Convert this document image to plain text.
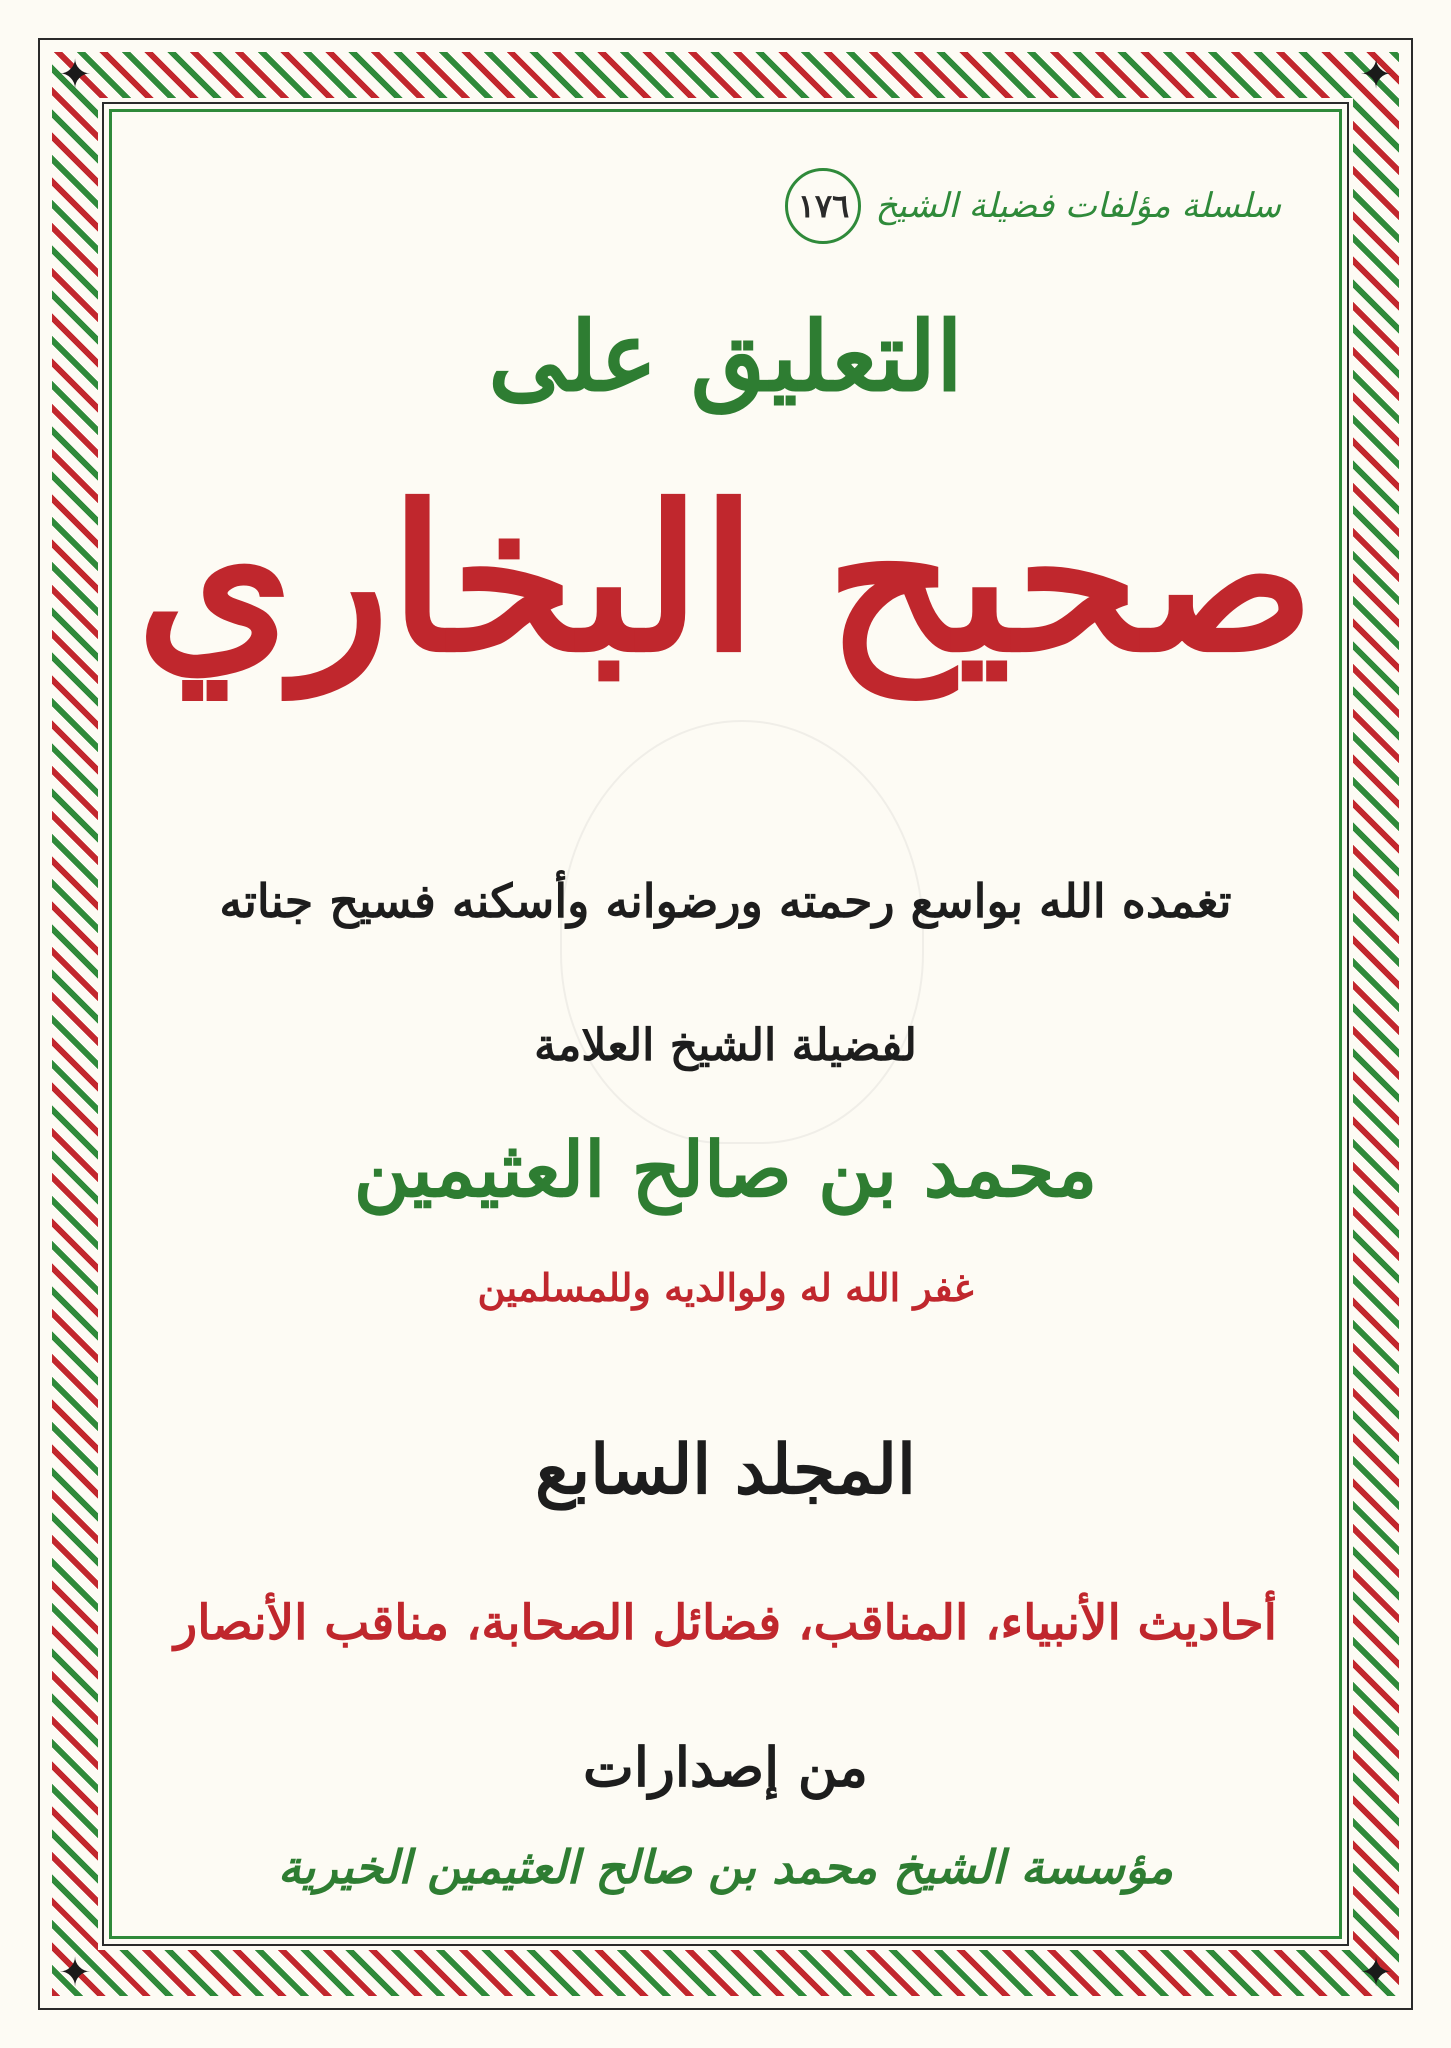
✦	✦
✦	✦
سلسلة مؤلفات فضيلة الشيخ
١٧٦
التعليق على
صحيح البخاري
تغمده الله بواسع رحمته ورضوانه وأسكنه فسيح جناته
لفضيلة الشيخ العلامة
محمد بن صالح العثيمين
غفر الله له ولوالديه وللمسلمين
المجلد السابع
أحاديث الأنبياء، المناقب، فضائل الصحابة، مناقب الأنصار
من إصدارات
مؤسسة الشيخ محمد بن صالح العثيمين الخيرية
